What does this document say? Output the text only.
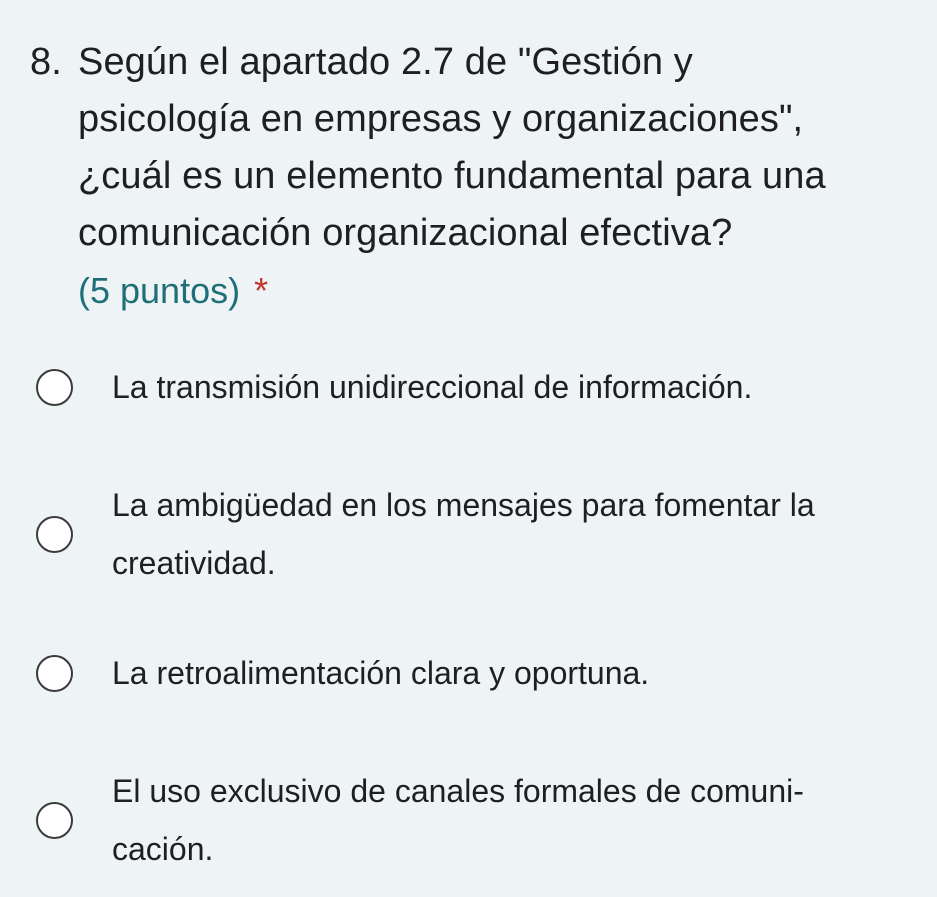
8. Según el apartado 2.7 de "Gestión y
psicología en empresas y organizaciones",
¿cuál es un elemento fundamental para una
comunicación organizacional efectiva?
(5 puntos) *
La transmisión unidireccional de información.
La ambigüedad en los mensajes para fomentar la
creatividad.
La retroalimentación clara y oportuna.
El uso exclusivo de canales formales de comuni-
cación.
